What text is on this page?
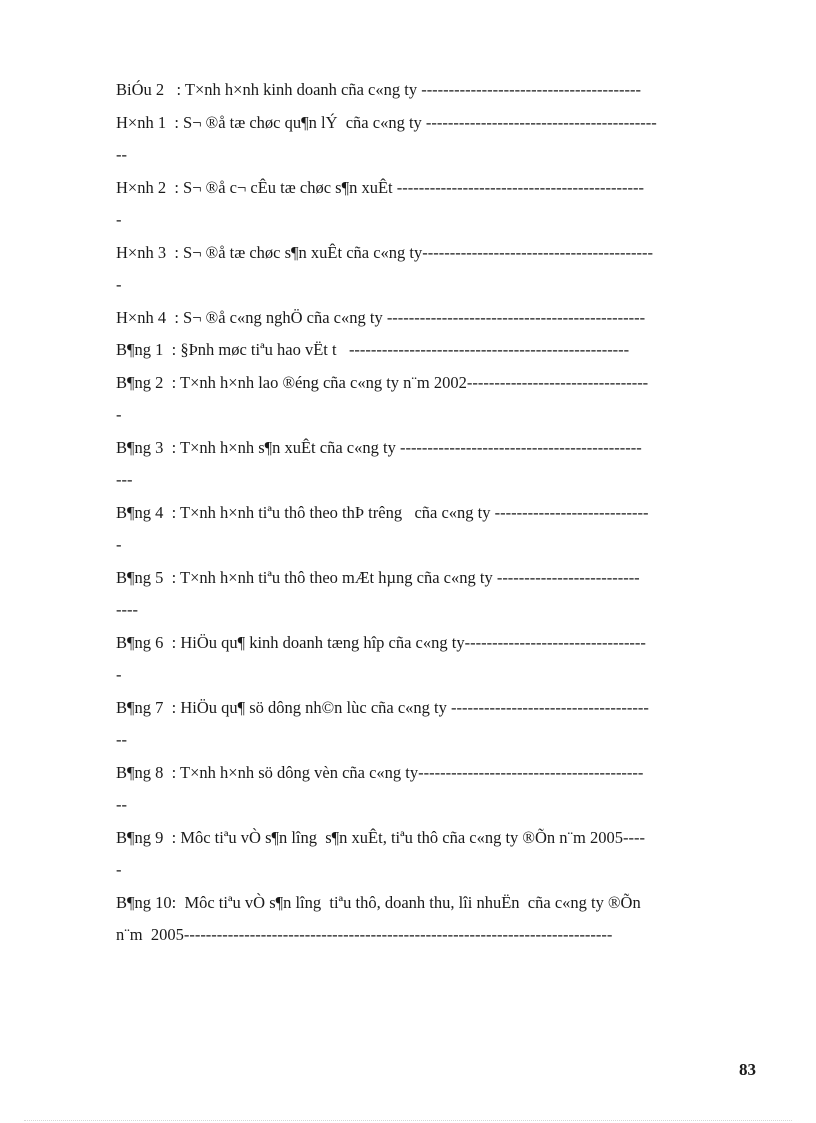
BiÓu 2   : T×nh h×nh kinh doanh cña c«ng ty ----------------------------------------

H×nh 1  : S¬ ®å tæ chøc qu¶n lÝ  cña c«ng ty ------------------------------------------
--

H×nh 2  : S¬ ®å c¬ cÊu tæ chøc s¶n xuÊt ---------------------------------------------
-

H×nh 3  : S¬ ®å tæ chøc s¶n xuÊt cña c«ng ty------------------------------------------
-

H×nh 4  : S¬ ®å c«ng nghÖ cña c«ng ty -----------------------------------------------

B¶ng 1  : §Þnh møc tiªu hao vËt t   ---------------------------------------------------

B¶ng 2  : T×nh h×nh lao ®éng cña c«ng ty n¨m 2002---------------------------------
-

B¶ng 3  : T×nh h×nh s¶n xuÊt cña c«ng ty --------------------------------------------
---

B¶ng 4  : T×nh h×nh tiªu thô theo thÞ trêng   cña c«ng ty ----------------------------
-

B¶ng 5  : T×nh h×nh tiªu thô theo mÆt hµng cña c«ng ty --------------------------
----

B¶ng 6  : HiÖu qu¶ kinh doanh tæng hîp cña c«ng ty---------------------------------
-

B¶ng 7  : HiÖu qu¶ sö dông nh©n lùc cña c«ng ty ------------------------------------
--

B¶ng 8  : T×nh h×nh sö dông vèn cña c«ng ty-----------------------------------------
--

B¶ng 9  : Môc tiªu vÒ s¶n lîng  s¶n xuÊt, tiªu thô cña c«ng ty ®Õn n¨m 2005----
-

B¶ng 10:  Môc tiªu vÒ s¶n lîng  tiªu thô, doanh thu, lîi nhuËn  cña c«ng ty ®Õn
n¨m  2005------------------------------------------------------------------------------

83
